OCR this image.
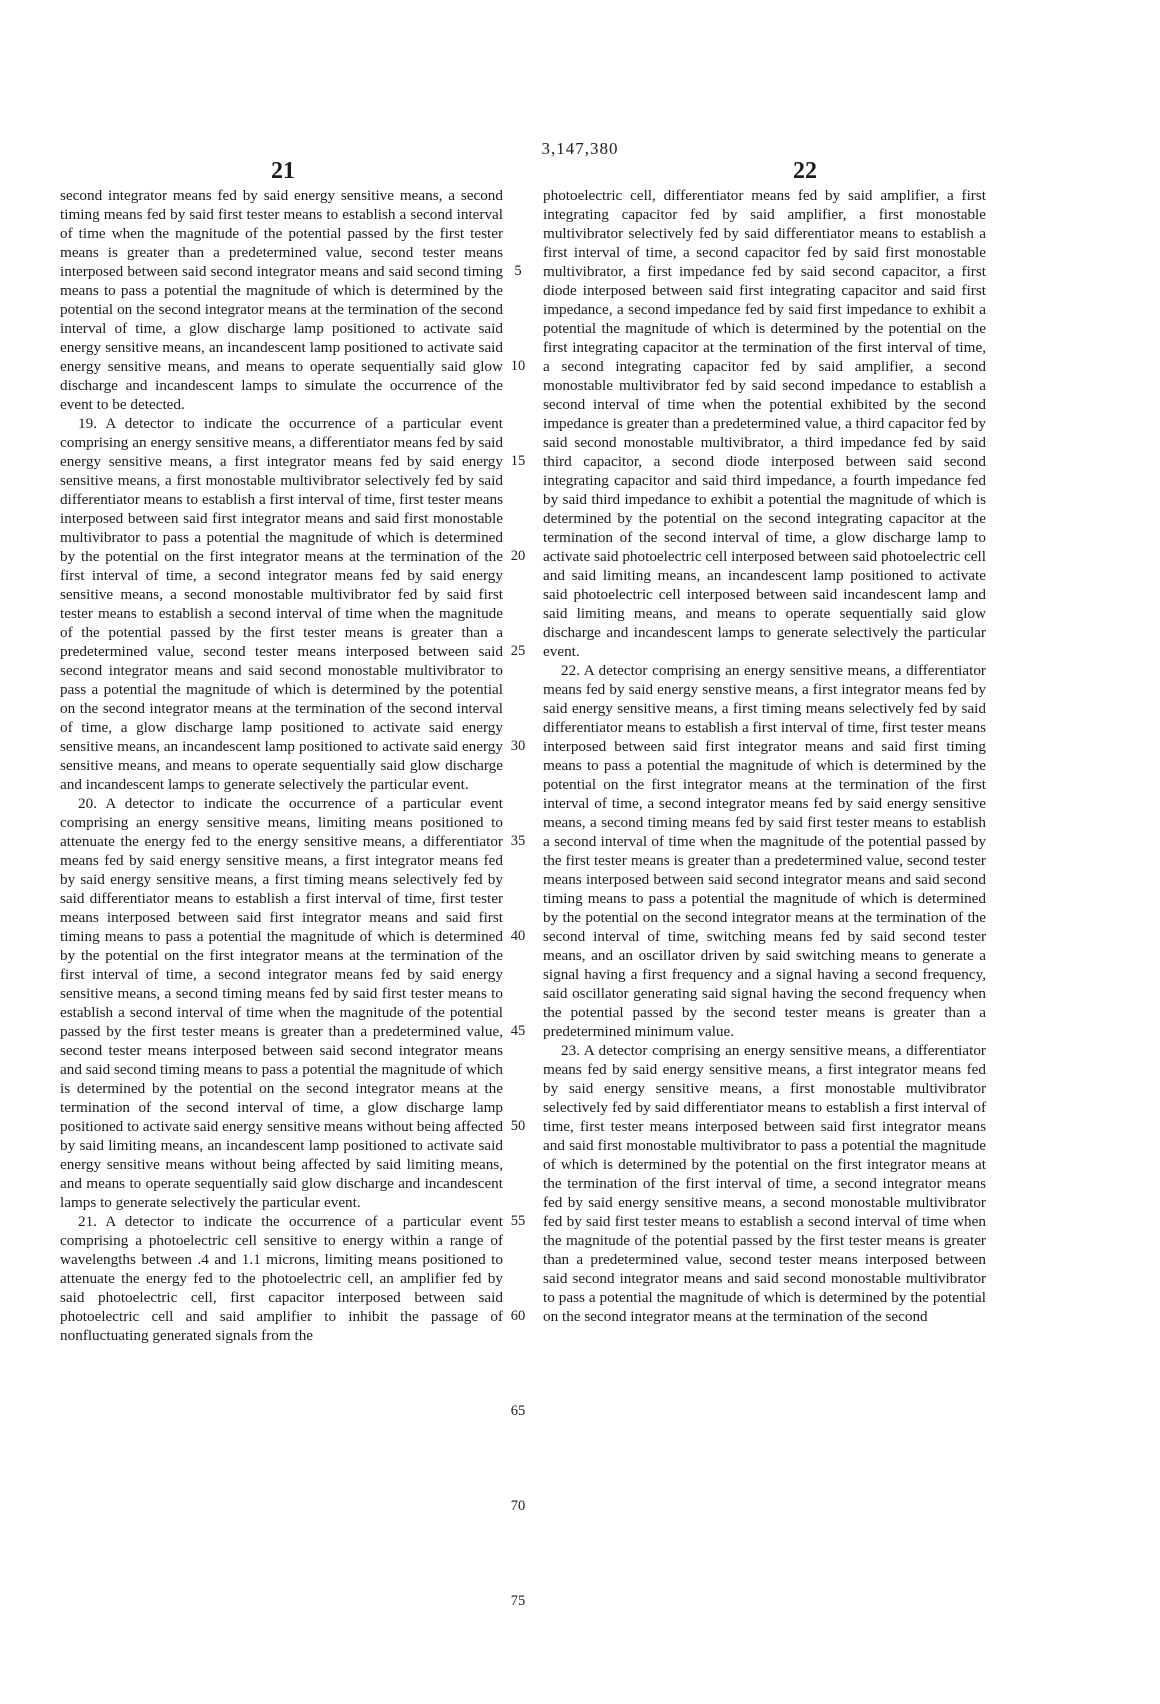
3,147,380
21	22

second integrator means fed by said energy sensitive means, a second timing means fed by said first tester means to establish a second interval of time when the magnitude of the potential passed by the first tester means is greater than a predetermined value, second tester means interposed between said second integrator means and said second timing means to pass a potential the magnitude of which is determined by the potential on the second integrator means at the termination of the second interval of time, a glow discharge lamp positioned to activate said energy sensitive means, an incandescent lamp positioned to activate said energy sensitive means, and means to operate sequentially said glow discharge and incandescent lamps to simulate the occurrence of the event to be detected.

19. A detector to indicate the occurrence of a particular event comprising an energy sensitive means, a differentiator means fed by said energy sensitive means, a first integrator means fed by said energy sensitive means, a first monostable multivibrator selectively fed by said differentiator means to establish a first interval of time, first tester means interposed between said first integrator means and said first monostable multivibrator to pass a potential the magnitude of which is determined by the potential on the first integrator means at the termination of the first interval of time, a second integrator means fed by said energy sensitive means, a second monostable multivibrator fed by said first tester means to establish a second interval of time when the magnitude of the potential passed by the first tester means is greater than a predetermined value, second tester means interposed between said second integrator means and said second monostable multivibrator to pass a potential the magnitude of which is determined by the potential on the second integrator means at the termination of the second interval of time, a glow discharge lamp positioned to activate said energy sensitive means, an incandescent lamp positioned to activate said energy sensitive means, and means to operate sequentially said glow discharge and incandescent lamps to generate selectively the particular event.

20. A detector to indicate the occurrence of a particular event comprising an energy sensitive means, limiting means positioned to attenuate the energy fed to the energy sensitive means, a differentiator means fed by said energy sensitive means, a first integrator means fed by said energy sensitive means, a first timing means selectively fed by said differentiator means to establish a first interval of time, first tester means interposed between said first integrator means and said first timing means to pass a potential the magnitude of which is determined by the potential on the first integrator means at the termination of the first interval of time, a second integrator means fed by said energy sensitive means, a second timing means fed by said first tester means to establish a second interval of time when the magnitude of the potential passed by the first tester means is greater than a predetermined value, second tester means interposed between said second integrator means and said second timing means to pass a potential the magnitude of which is determined by the potential on the second integrator means at the termination of the second interval of time, a glow discharge lamp positioned to activate said energy sensitive means without being affected by said limiting means, an incandescent lamp positioned to activate said energy sensitive means without being affected by said limiting means, and means to operate sequentially said glow discharge and incandescent lamps to generate selectively the particular event.

21. A detector to indicate the occurrence of a particular event comprising a photoelectric cell sensitive to energy within a range of wavelengths between .4 and 1.1 microns, limiting means positioned to attenuate the energy fed to the photoelectric cell, an amplifier fed by said photoelectric cell, first capacitor interposed between said photoelectric cell and said amplifier to inhibit the passage of nonfluctuating generated signals from the

photoelectric cell, differentiator means fed by said amplifier, a first integrating capacitor fed by said amplifier, a first monostable multivibrator selectively fed by said differentiator means to establish a first interval of time, a second capacitor fed by said first monostable multivibrator, a first impedance fed by said second capacitor, a first diode interposed between said first integrating capacitor and said first impedance, a second impedance fed by said first impedance to exhibit a potential the magnitude of which is determined by the potential on the first integrating capacitor at the termination of the first interval of time, a second integrating capacitor fed by said amplifier, a second monostable multivibrator fed by said second impedance to establish a second interval of time when the potential exhibited by the second impedance is greater than a predetermined value, a third capacitor fed by said second monostable multivibrator, a third impedance fed by said third capacitor, a second diode interposed between said second integrating capacitor and said third impedance, a fourth impedance fed by said third impedance to exhibit a potential the magnitude of which is determined by the potential on the second integrating capacitor at the termination of the second interval of time, a glow discharge lamp to activate said photoelectric cell interposed between said photoelectric cell and said limiting means, an incandescent lamp positioned to activate said photoelectric cell interposed between said incandescent lamp and said limiting means, and means to operate sequentially said glow discharge and incandescent lamps to generate selectively the particular event.

22. A detector comprising an energy sensitive means, a differentiator means fed by said energy senstive means, a first integrator means fed by said energy sensitive means, a first timing means selectively fed by said differentiator means to establish a first interval of time, first tester means interposed between said first integrator means and said first timing means to pass a potential the magnitude of which is determined by the potential on the first integrator means at the termination of the first interval of time, a second integrator means fed by said energy sensitive means, a second timing means fed by said first tester means to establish a second interval of time when the magnitude of the potential passed by the first tester means is greater than a predetermined value, second tester means interposed between said second integrator means and said second timing means to pass a potential the magnitude of which is determined by the potential on the second integrator means at the termination of the second interval of time, switching means fed by said second tester means, and an oscillator driven by said switching means to generate a signal having a first frequency and a signal having a second frequency, said oscillator generating said signal having the second frequency when the potential passed by the second tester means is greater than a predetermined minimum value.

23. A detector comprising an energy sensitive means, a differentiator means fed by said energy sensitive means, a first integrator means fed by said energy sensitive means, a first monostable multivibrator selectively fed by said differentiator means to establish a first interval of time, first tester means interposed between said first integrator means and said first monostable multivibrator to pass a potential the magnitude of which is determined by the potential on the first integrator means at the termination of the first interval of time, a second integrator means fed by said energy sensitive means, a second monostable multivibrator fed by said first tester means to establish a second interval of time when the magnitude of the potential passed by the first tester means is greater than a predetermined value, second tester means interposed between said second integrator means and said second monostable multivibrator to pass a potential the magnitude of which is determined by the potential on the second integrator means at the termination of the second

5
10
15
20
25
30
35
40
45
50
55
60
65
70
75
